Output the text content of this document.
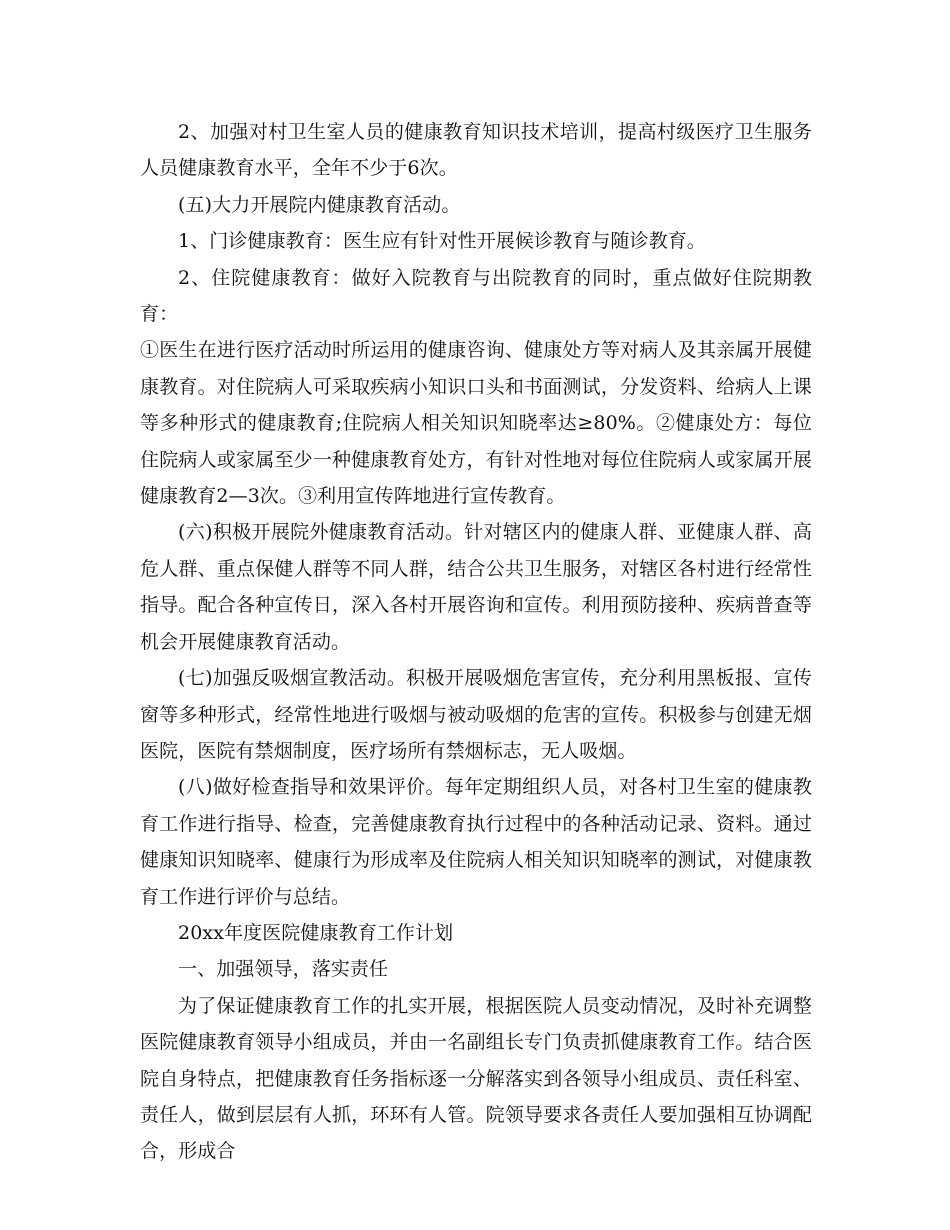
2、加强对村卫生室人员的健康教育知识技术培训，提高村级医疗卫生服务人员健康教育水平，全年不少于6次。

(五)大力开展院内健康教育活动。

1、门诊健康教育：医生应有针对性开展候诊教育与随诊教育。

2、住院健康教育：做好入院教育与出院教育的同时，重点做好住院期教育：

①医生在进行医疗活动时所运用的健康咨询、健康处方等对病人及其亲属开展健康教育。对住院病人可采取疾病小知识口头和书面测试，分发资料、给病人上课等多种形式的健康教育;住院病人相关知识知晓率达≥80%。②健康处方：每位住院病人或家属至少一种健康教育处方，有针对性地对每位住院病人或家属开展健康教育2—3次。③利用宣传阵地进行宣传教育。

(六)积极开展院外健康教育活动。针对辖区内的健康人群、亚健康人群、高危人群、重点保健人群等不同人群，结合公共卫生服务，对辖区各村进行经常性指导。配合各种宣传日，深入各村开展咨询和宣传。利用预防接种、疾病普查等机会开展健康教育活动。

(七)加强反吸烟宣教活动。积极开展吸烟危害宣传，充分利用黑板报、宣传窗等多种形式，经常性地进行吸烟与被动吸烟的危害的宣传。积极参与创建无烟医院，医院有禁烟制度，医疗场所有禁烟标志，无人吸烟。

(八)做好检查指导和效果评价。每年定期组织人员，对各村卫生室的健康教育工作进行指导、检查，完善健康教育执行过程中的各种活动记录、资料。通过健康知识知晓率、健康行为形成率及住院病人相关知识知晓率的测试，对健康教育工作进行评价与总结。

20xx年度医院健康教育工作计划

一、加强领导，落实责任

为了保证健康教育工作的扎实开展，根据医院人员变动情况，及时补充调整医院健康教育领导小组成员，并由一名副组长专门负责抓健康教育工作。结合医院自身特点，把健康教育任务指标逐一分解落实到各领导小组成员、责任科室、责任人，做到层层有人抓，环环有人管。院领导要求各责任人要加强相互协调配合，形成合
